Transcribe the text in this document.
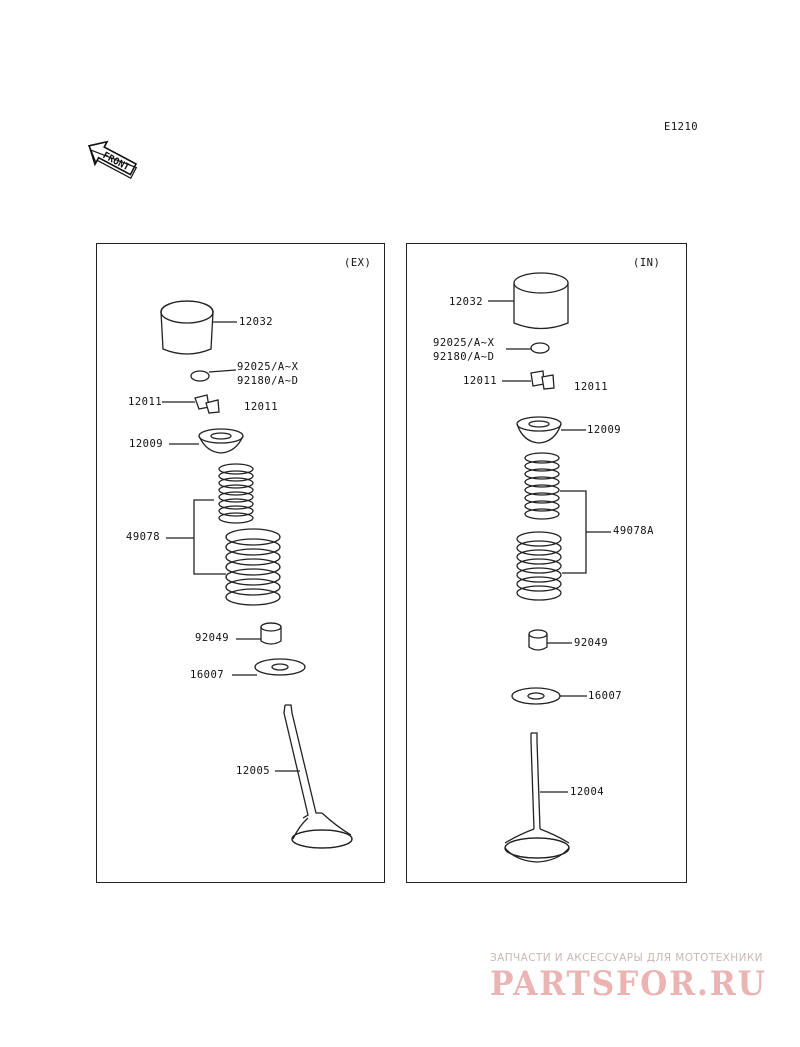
E1210
FRONT
(EX)
12032
92025/A~X
92180/A~D
12011	12011
12009
49078
92049
16007
12005
(IN)
12032
92025/A~X
92180/A~D
12011	12011
12009
49078A
92049
16007
12004
ЗАПЧАСТИ И АКСЕССУАРЫ ДЛЯ МОТОТЕХНИКИ
PARTSFOR.RU
